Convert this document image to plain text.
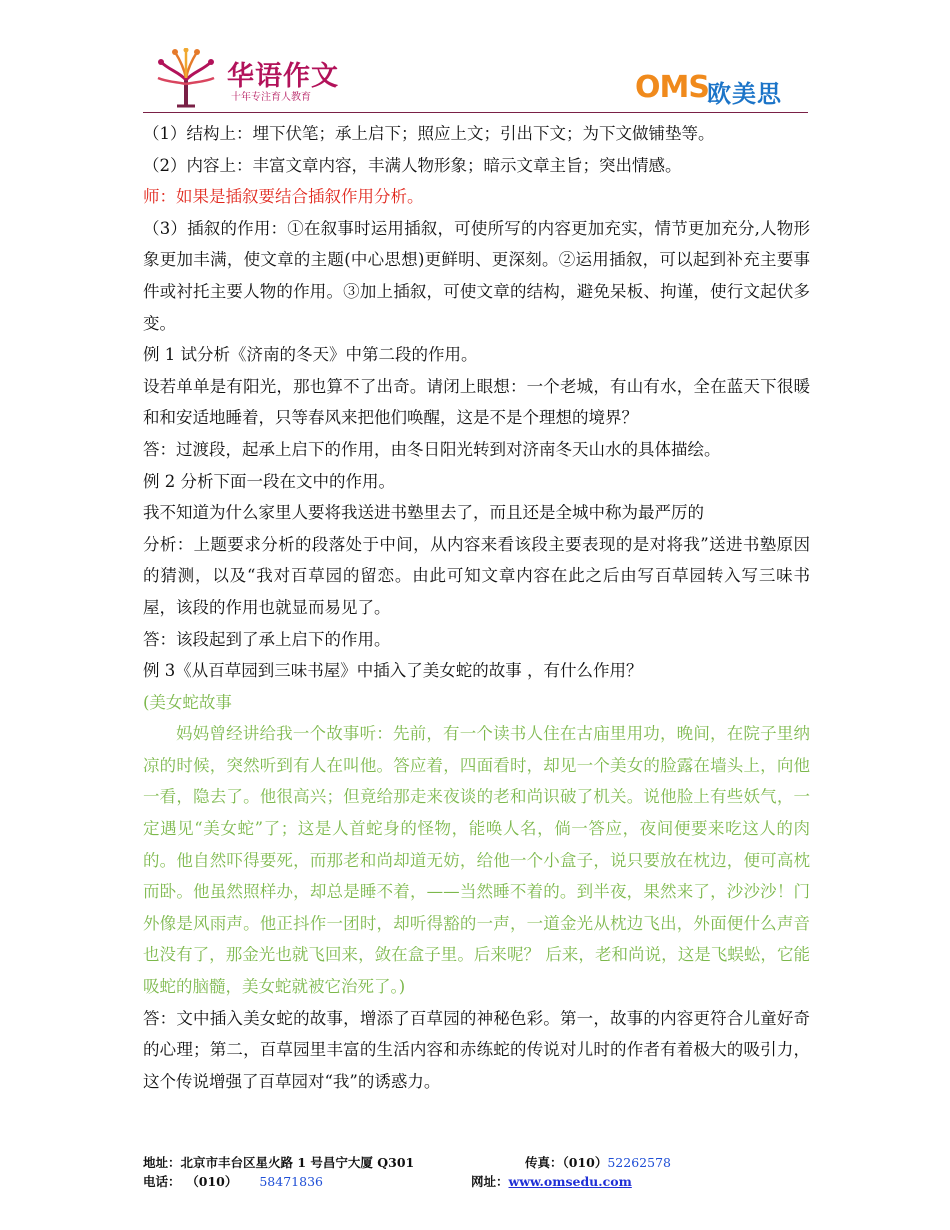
华语作文
十年专注育人教育	OMS
欧美思

（1）结构上：埋下伏笔；承上启下；照应上文；引出下文；为下文做铺垫等。

（2）内容上：丰富文章内容，丰满人物形象；暗示文章主旨；突出情感。

师：如果是插叙要结合插叙作用分析。

（3）插叙的作用：①在叙事时运用插叙，可使所写的内容更加充实，情节更加充分,人物形象更加丰满，使文章的主题(中心思想)更鲜明、更深刻。②运用插叙，可以起到补充主要事件或衬托主要人物的作用。③加上插叙，可使文章的结构，避免呆板、拘谨，使行文起伏多变。

例 1 试分析《济南的冬天》中第二段的作用。

设若单单是有阳光，那也算不了出奇。请闭上眼想：一个老城，有山有水，全在蓝天下很暖和和安适地睡着，只等春风来把他们唤醒，这是不是个理想的境界？

答：过渡段，起承上启下的作用，由冬日阳光转到对济南冬天山水的具体描绘。

例 2 分析下面一段在文中的作用。

我不知道为什么家里人要将我送进书塾里去了，而且还是全城中称为最严厉的

分析：上题要求分析的段落处于中间，从内容来看该段主要表现的是对将我”送进书塾原因的猜测，以及“我对百草园的留恋。由此可知文章内容在此之后由写百草园转入写三味书屋，该段的作用也就显而易见了。

答：该段起到了承上启下的作用。

例 3《从百草园到三味书屋》中插入了美女蛇的故事 ，有什么作用？

(美女蛇故事

妈妈曾经讲给我一个故事听：先前，有一个读书人住在古庙里用功，晚间，在院子里纳凉的时候，突然听到有人在叫他。答应着，四面看时，却见一个美女的脸露在墙头上，向他一看，隐去了。他很高兴；但竟给那走来夜谈的老和尚识破了机关。说他脸上有些妖气，一定遇见“美女蛇”了；这是人首蛇身的怪物，能唤人名，倘一答应，夜间便要来吃这人的肉的。他自然吓得要死，而那老和尚却道无妨，给他一个小盒子，说只要放在枕边，便可高枕而卧。他虽然照样办，却总是睡不着，——当然睡不着的。到半夜，果然来了，沙沙沙！门外像是风雨声。他正抖作一团时，却听得豁的一声，一道金光从枕边飞出，外面便什么声音也没有了，那金光也就飞回来，敛在盒子里。后来呢？ 后来，老和尚说，这是飞蜈蚣，它能吸蛇的脑髓，美女蛇就被它治死了。)

答：文中插入美女蛇的故事，增添了百草园的神秘色彩。第一，故事的内容更符合儿童好奇的心理；第二，百草园里丰富的生活内容和赤练蛇的传说对儿时的作者有着极大的吸引力，这个传说增强了百草园对“我”的诱惑力。

地址：北京市丰台区星火路 1 号昌宁大厦 Q301	传真：（010）52262578
电话： （010） 58471836	网址：www.omsedu.com
